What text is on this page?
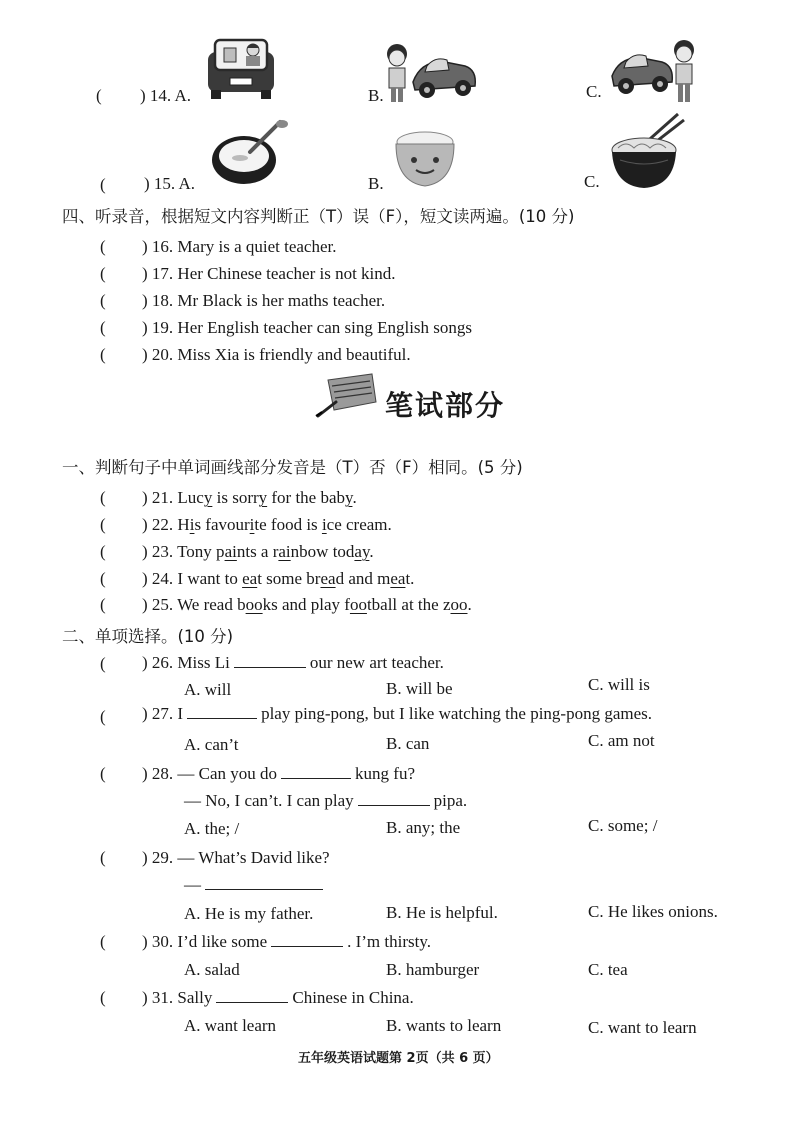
( ) 14. A.	B.	C.
( ) 15. A.	B.	C.
四、听录音，根据短文内容判断正（T）误（F），短文读两遍。(10 分)
( ) 16. Mary is a quiet teacher.
( ) 17. Her Chinese teacher is not kind.
( ) 18. Mr Black is her maths teacher.
( ) 19. Her English teacher can sing English songs
( ) 20. Miss Xia is friendly and beautiful.
笔试部分
一、判断句子中单词画线部分发音是（T）否（F）相同。(5 分)
( ) 21. Lucy is sorry for the baby.
( ) 22. His favourite food is ice cream.
( ) 23. Tony paints a rainbow today.
( ) 24. I want to eat some bread and meat.
( ) 25. We read books and play football at the zoo.
二、单项选择。(10 分)
( ) 26. Miss Li	our new art teacher.
A. will	B. will be	C. will is
( ) 27. I	play ping-pong, but I like watching the ping-pong games.
A. can’t	B. can	C. am not
( ) 28. — Can you do	kung fu?
— No, I can’t. I can play	pipa.
A. the; /	B. any; the	C. some; /
( ) 29. — What’s David like?
—
A. He is my father.	B. He is helpful.	C. He likes onions.
( ) 30. I’d like some	. I’m thirsty.
A. salad	B. hamburger	C. tea
( ) 31. Sally	Chinese in China.
A. want learn	B. wants to learn	C. want to learn
五年级英语试题第 2页（共 6 页）
